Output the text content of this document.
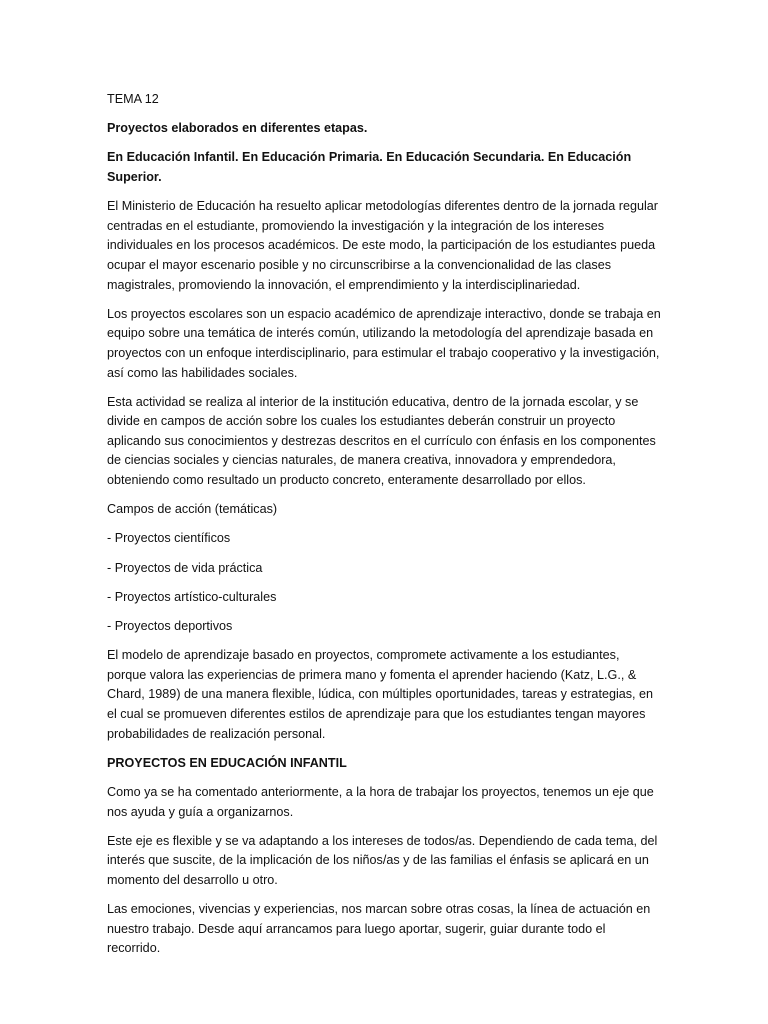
TEMA 12

Proyectos elaborados en diferentes etapas.

En Educación Infantil. En Educación Primaria. En Educación Secundaria. En Educación Superior.

El Ministerio de Educación ha resuelto aplicar metodologías diferentes dentro de la jornada regular centradas en el estudiante, promoviendo la investigación y la integración de los intereses individuales en los procesos académicos. De este modo, la participación de los estudiantes pueda ocupar el mayor escenario posible y no circunscribirse a la convencionalidad de las clases magistrales, promoviendo la innovación, el emprendimiento y la interdisciplinariedad.

Los proyectos escolares son un espacio académico de aprendizaje interactivo, donde se trabaja en equipo sobre una temática de interés común, utilizando la metodología del aprendizaje basada en proyectos con un enfoque interdisciplinario, para estimular el trabajo cooperativo y la investigación, así como las habilidades sociales.

Esta actividad se realiza al interior de la institución educativa, dentro de la jornada escolar, y se divide en campos de acción sobre los cuales los estudiantes deberán construir un proyecto aplicando sus conocimientos y destrezas descritos en el currículo con énfasis en los componentes de ciencias sociales y ciencias naturales, de manera creativa, innovadora y emprendedora, obteniendo como resultado un producto concreto, enteramente desarrollado por ellos.

Campos de acción (temáticas)

- Proyectos científicos

- Proyectos de vida práctica

- Proyectos artístico-culturales

- Proyectos deportivos

El modelo de aprendizaje basado en proyectos, compromete activamente a los estudiantes, porque valora las experiencias de primera mano y fomenta el aprender haciendo (Katz, L.G., & Chard, 1989) de una manera flexible, lúdica, con múltiples oportunidades, tareas y estrategias, en el cual se promueven diferentes estilos de aprendizaje para que los estudiantes tengan mayores probabilidades de realización personal.

PROYECTOS EN EDUCACIÓN INFANTIL

Como ya se ha comentado anteriormente, a la hora de trabajar los proyectos, tenemos un eje que nos ayuda y guía a organizarnos.

Este eje es flexible y se va adaptando a los intereses de todos/as. Dependiendo de cada tema, del interés que suscite, de la implicación de los niños/as y de las familias el énfasis se aplicará en un momento del desarrollo u otro.

Las emociones, vivencias y experiencias, nos marcan sobre otras cosas, la línea de actuación en nuestro trabajo. Desde aquí arrancamos para luego aportar, sugerir, guiar durante todo el recorrido.
